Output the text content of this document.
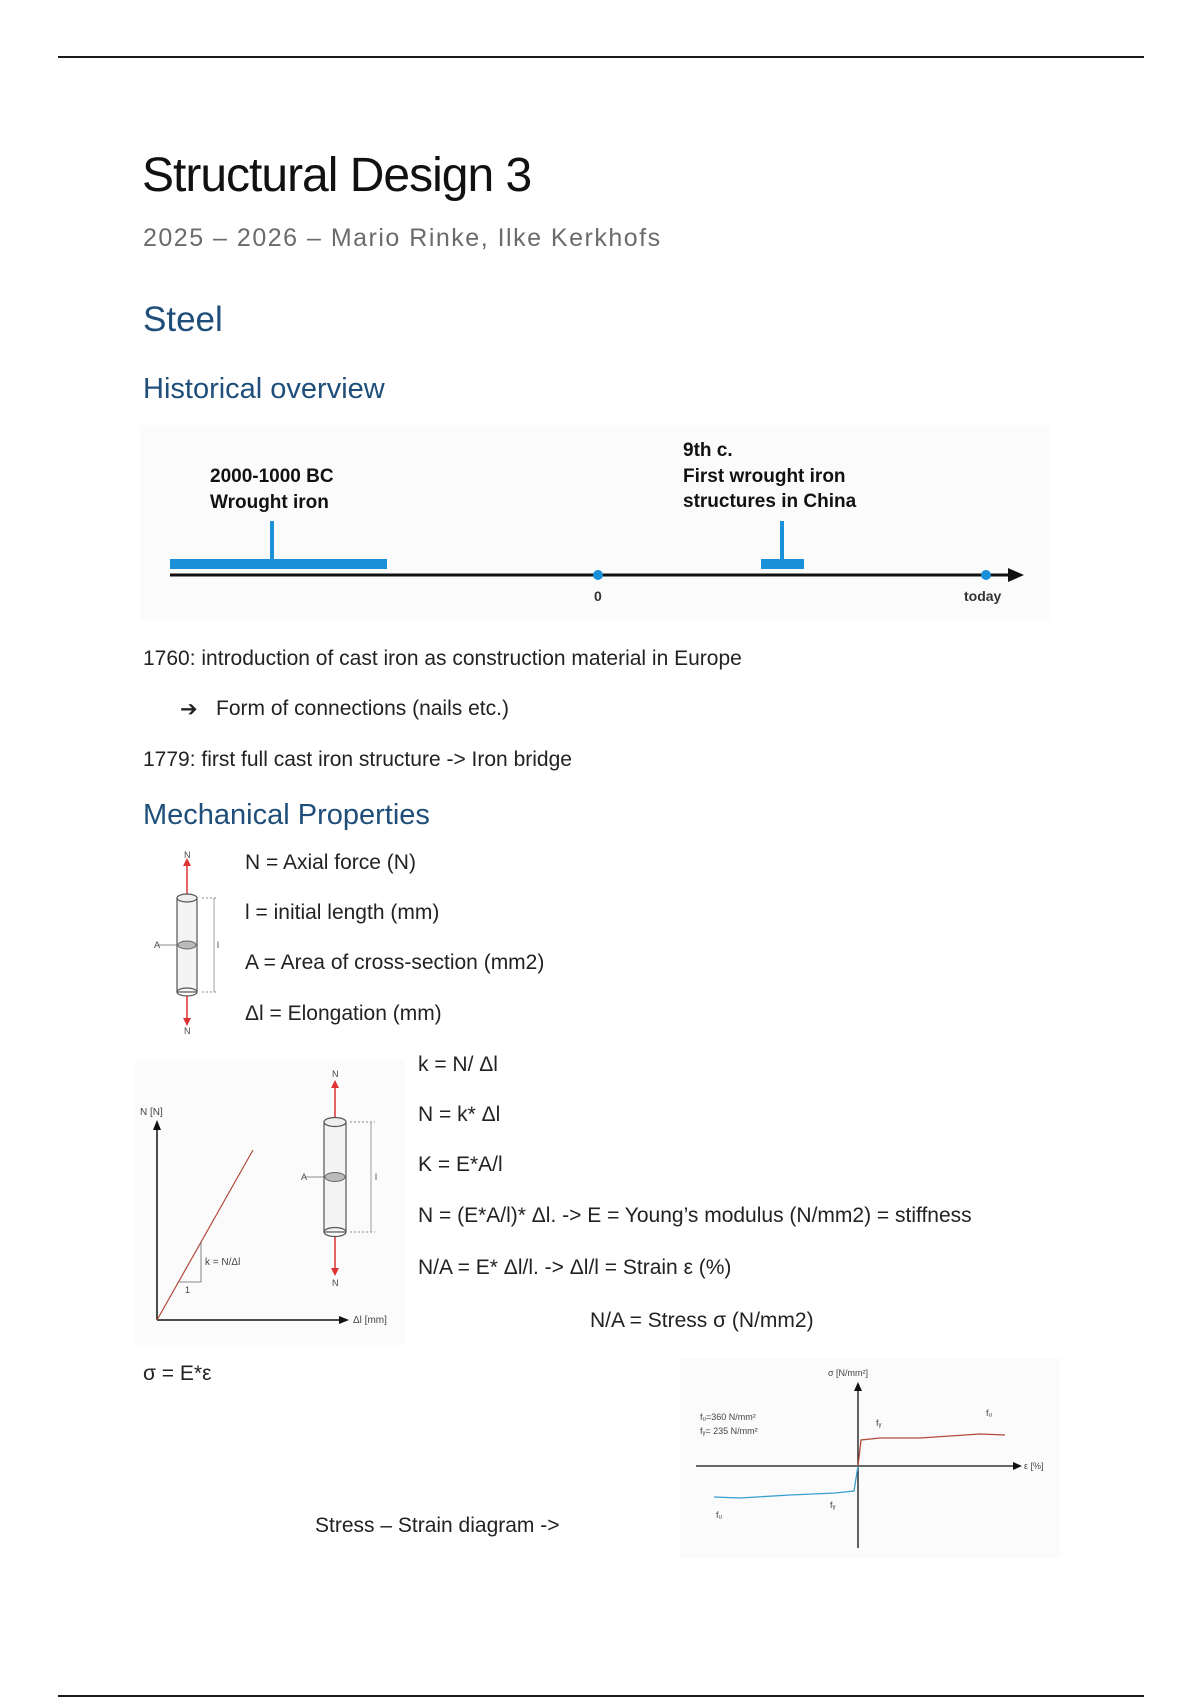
Structural Design 3
2025 – 2026 – Mario Rinke, Ilke Kerkhofs
Steel
Historical overview
2000-1000 BC
Wrought iron
9th c.
First wrought iron
structures in China
0	today
1760: introduction of cast iron as construction material in Europe
➔ Form of connections (nails etc.)
1779: first full cast iron structure -> Iron bridge
Mechanical Properties
N
A	l
N
N = Axial force (N)
l = initial length (mm)
A = Area of cross-section (mm2)
Δl = Elongation (mm)
N [N]
Δl [mm]
k = N/Δl
1
N
A	l
N
k = N/ Δl
N = k* Δl
K = E*A/l
N = (E*A/l)* Δl. -> E = Young’s modulus (N/mm2) = stiffness
N/A = E* Δl/l. -> Δl/l = Strain ε (%)
N/A = Stress σ (N/mm2)
σ = E*ε	σ [N/mm²]
ε [%]
fᵤ=360 N/mm²
fᵧ= 235 N/mm²
fᵧ
fᵤ
fᵧ
fᵤ
Stress – Strain diagram ->
